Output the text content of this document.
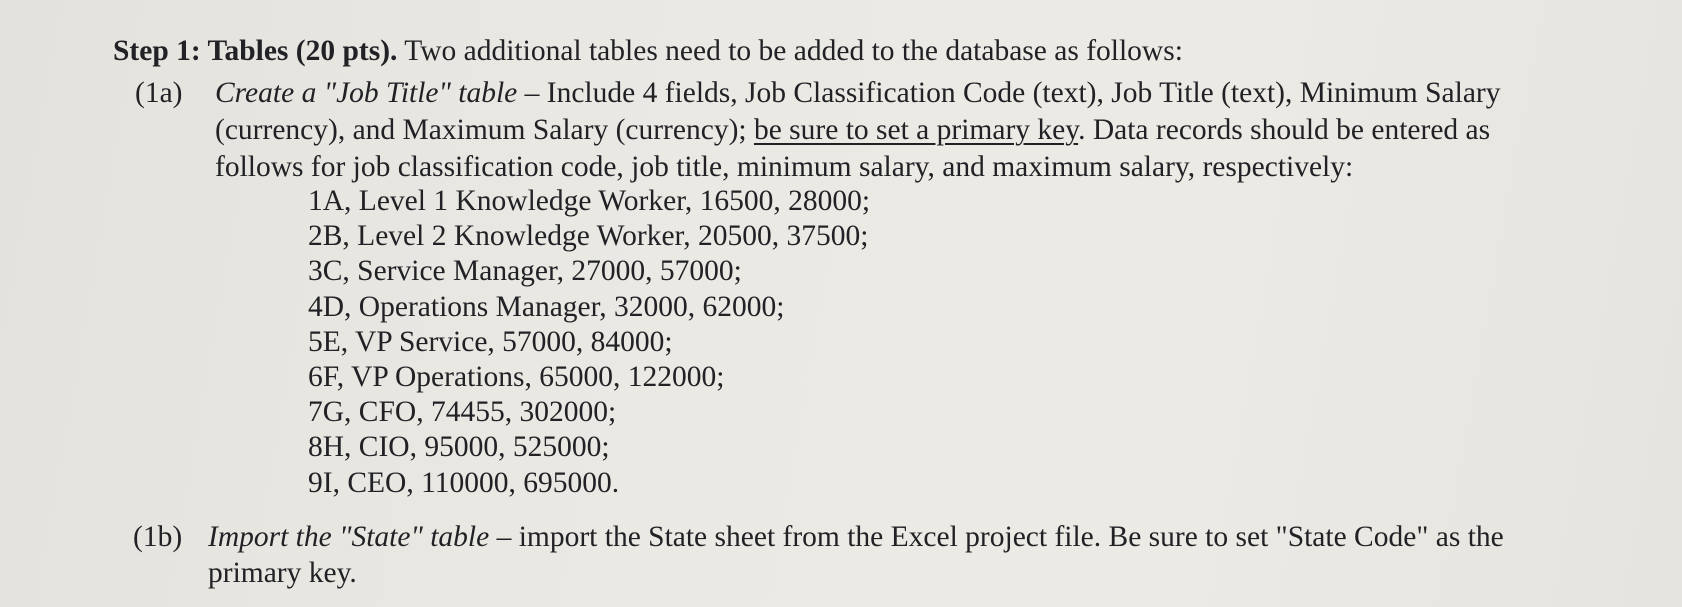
Step 1: Tables (20 pts). Two additional tables need to be added to the database as follows:
(1a) Create a "Job Title" table – Include 4 fields, Job Classification Code (text), Job Title (text), Minimum Salary
(currency), and Maximum Salary (currency); be sure to set a primary key. Data records should be entered as
follows for job classification code, job title, minimum salary, and maximum salary, respectively:
1A, Level 1 Knowledge Worker, 16500, 28000;
2B, Level 2 Knowledge Worker, 20500, 37500;
3C, Service Manager, 27000, 57000;
4D, Operations Manager, 32000, 62000;
5E, VP Service, 57000, 84000;
6F, VP Operations, 65000, 122000;
7G, CFO, 74455, 302000;
8H, CIO, 95000, 525000;
9I, CEO, 110000, 695000.
(1b) Import the "State" table – import the State sheet from the Excel project file. Be sure to set "State Code" as the
primary key.
